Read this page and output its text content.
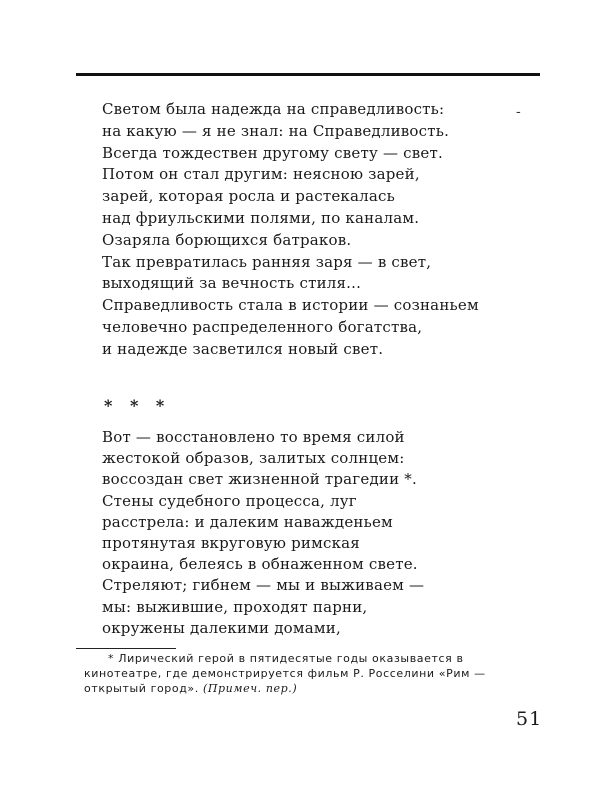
-
Светом была надежда на справедливость:
на какую — я не знал: на Справедливость.
Всегда тождествен другому свету — свет.
Потом он стал другим: неясною зарей,
зарей, которая росла и растекалась
над фриульскими полями, по каналам.
Озаряла борющихся батраков.
Так превратилась ранняя заря — в свет,
выходящий за вечность стиля...
Справедливость стала в истории — сознаньем
человечно распределенного богатства,
и надежде засветился новый свет.
* * *
Вот — восстановлено то время силой
жестокой образов, залитых солнцем:
воссоздан свет жизненной трагедии *.
Стены судебного процесса, луг
расстрела: и далеким наважденьем
протянутая вкруговую римская
окраина, белеясь в обнаженном свете.
Стреляют; гибнем — мы и выживаем —
мы: выжившие, проходят парни,
окружены далекими домами,
* Лирический герой в пятидесятые годы оказывается в
кинотеатре, где демонстрируется фильм Р. Росселини «Рим —
открытый город». (Примеч. пер.)
51
